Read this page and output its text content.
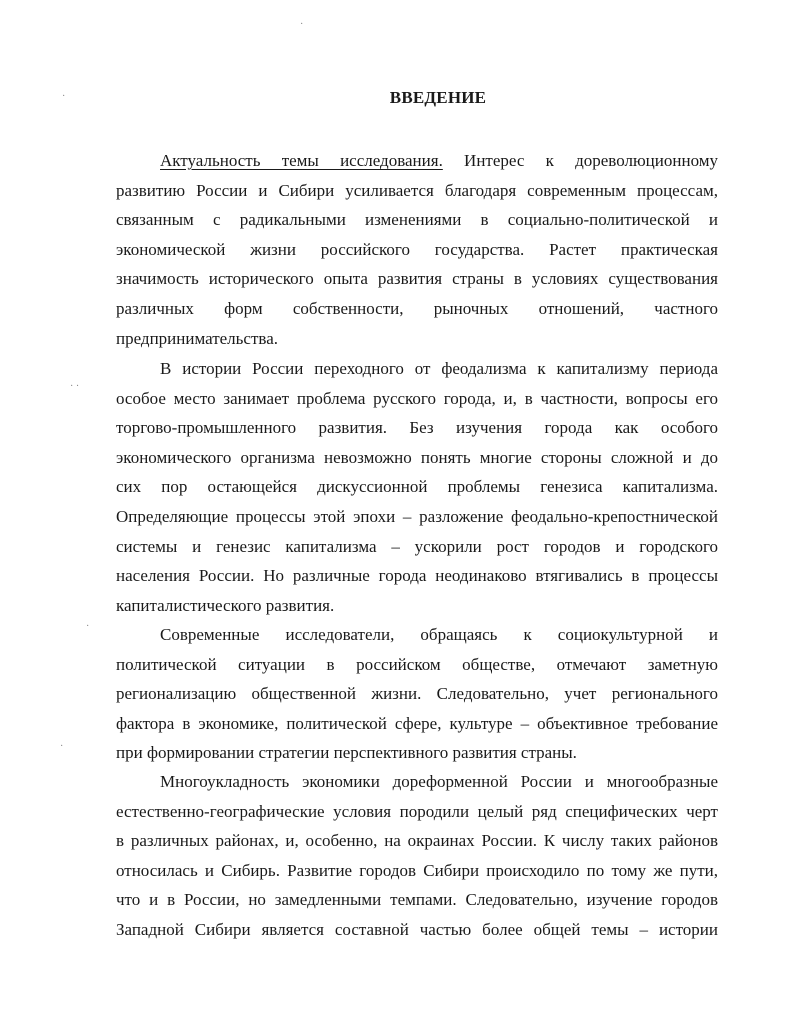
ВВЕДЕНИЕ
Актуальность темы исследования. Интерес к дореволюционному
развитию России и Сибири усиливается благодаря современным процессам,
связанным с радикальными изменениями в социально-политической и
экономической жизни российского государства. Растет практическая
значимость исторического опыта развития страны в условиях существования
различных форм собственности, рыночных отношений, частного
предпринимательства.
В истории России переходного от феодализма к капитализму периода
особое место занимает проблема русского города, и, в частности, вопросы его
торгово-промышленного развития. Без изучения города как особого
экономического организма невозможно понять многие стороны сложной и до
сих пор остающейся дискуссионной проблемы генезиса капитализма.
Определяющие процессы этой эпохи – разложение феодально-крепостнической
системы и генезис капитализма – ускорили рост городов и городского
населения России. Но различные города неодинаково втягивались в процессы
капиталистического развития.
Современные исследователи, обращаясь к социокультурной и
политической ситуации в российском обществе, отмечают заметную
регионализацию общественной жизни. Следовательно, учет регионального
фактора в экономике, политической сфере, культуре – объективное требование
при формировании стратегии перспективного развития страны.
Многоукладность экономики дореформенной России и многообразные
естественно-географические условия породили целый ряд специфических черт
в различных районах, и, особенно, на окраинах России. К числу таких районов
относилась и Сибирь. Развитие городов Сибири происходило по тому же пути,
что и в России, но замедленными темпами. Следовательно, изучение городов
Западной Сибири является составной частью более общей темы – истории
·
· ·
·
·
·
